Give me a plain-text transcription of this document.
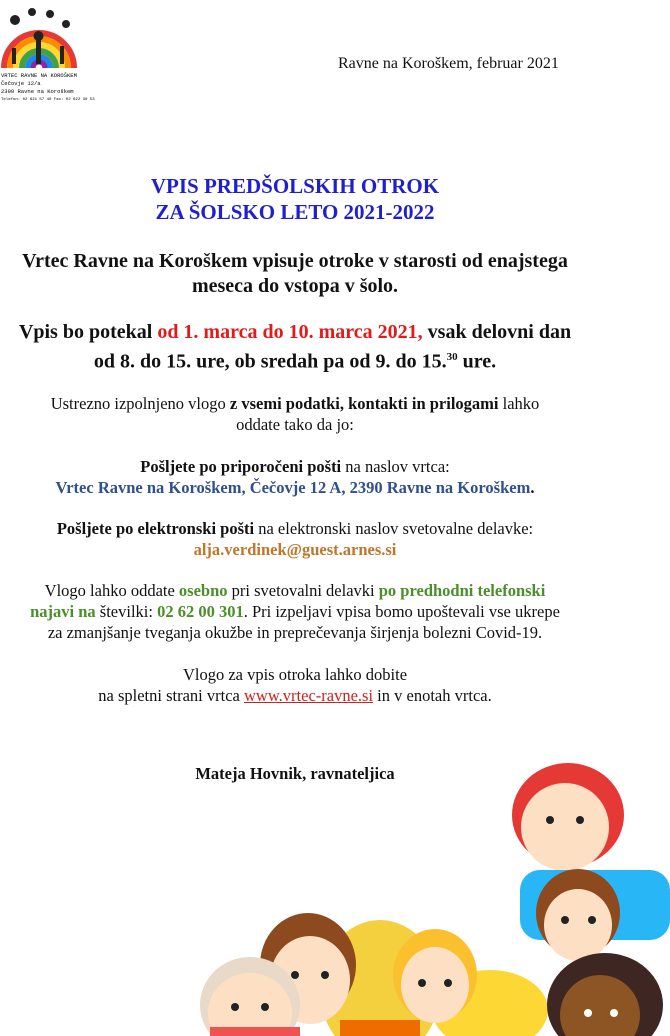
VRTEC RAVNE NA KOROŠKEM
Čečovje 12/a
2390 Ravne na Koroškem
Telefon: 02 621 57 40 Fax: 02 622 30 53
Ravne na Koroškem, februar 2021
VPIS PREDŠOLSKIH OTROK
ZA ŠOLSKO LETO 2021-2022
Vrtec Ravne na Koroškem vpisuje otroke v starosti od enajstega
meseca do vstopa v šolo.
Vpis bo potekal od 1. marca do 10. marca 2021, vsak delovni dan
od 8. do 15. ure, ob sredah pa od 9. do 15.30 ure.
Ustrezno izpolnjeno vlogo z vsemi podatki, kontakti in prilogami lahko
oddate tako da jo:
Pošljete po priporočeni pošti na naslov vrtca:
Vrtec Ravne na Koroškem, Čečovje 12 A, 2390 Ravne na Koroškem.
Pošljete po elektronski pošti na elektronski naslov svetovalne delavke:
alja.verdinek@guest.arnes.si
Vlogo lahko oddate osebno pri svetovalni delavki po predhodni telefonski
najavi na številki: 02 62 00 301. Pri izpeljavi vpisa bomo upoštevali vse ukrepe
za zmanjšanje tveganja okužbe in preprečevanja širjenja bolezni Covid-19.
Vlogo za vpis otroka lahko dobite
na spletni strani vrtca www.vrtec-ravne.si in v enotah vrtca.
Mateja Hovnik, ravnateljica
